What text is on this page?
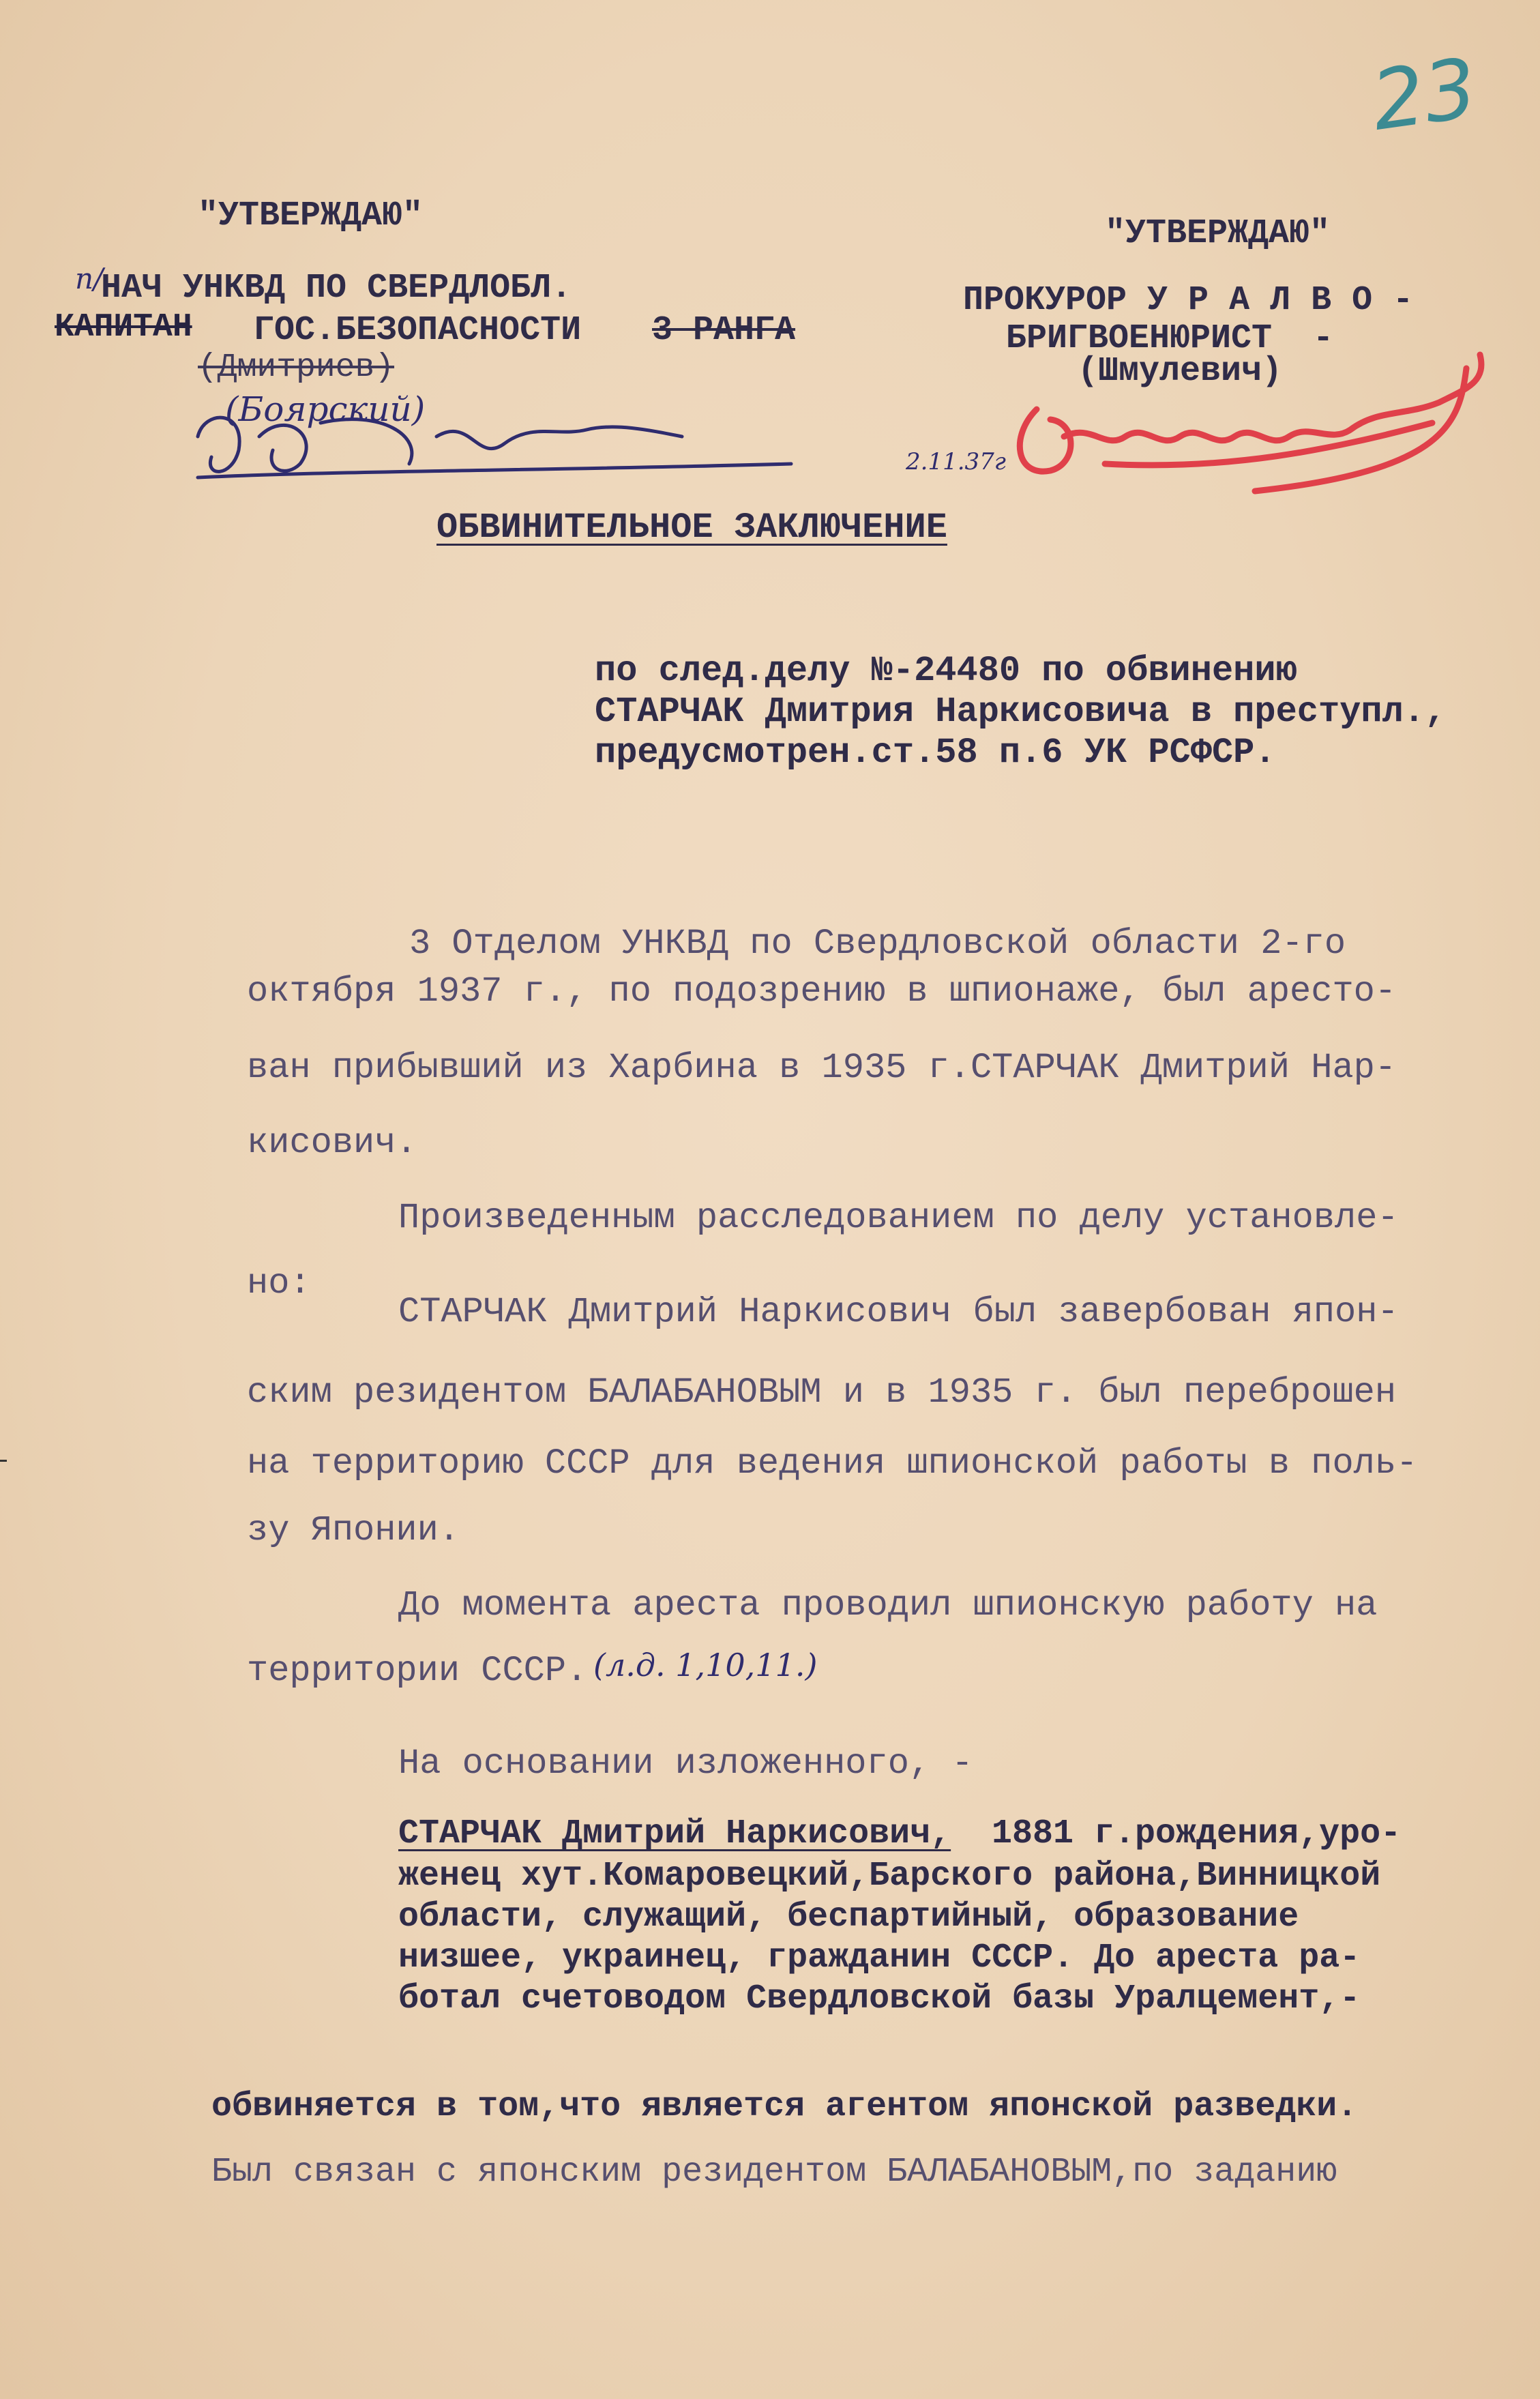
23
"УТВЕРЖДАЮ"
п/
НАЧ УНКВД ПО СВЕРДЛОБЛ.
КАПИТАН ГОС.БЕЗОПАСНОСТИ 3 РАНГА
(Дмитриев)
(Боярский)
"УТВЕРЖДАЮ"
ПРОКУРОР У Р А Л В О -
БРИГВОЕНЮРИСТ  -
(Шмулевич)
2.11.37г
ОБВИНИТЕЛЬНОЕ ЗАКЛЮЧЕНИЕ
по след.делу №-24480 по обвинению
СТАРЧАК Дмитрия Наркисовича в преступл.,
предусмотрен.ст.58 п.6 УК РСФСР.
3 Отделом УНКВД по Свердловской области 2-го
октября 1937 г., по подозрению в шпионаже, был аресто-
ван прибывший из Харбина в 1935 г.СТАРЧАК Дмитрий Нар-
кисович.
Произведенным расследованием по делу установле-
но:
СТАРЧАК Дмитрий Наркисович был завербован япон-
ским резидентом БАЛАБАНОВЫМ и в 1935 г. был переброшен
на территорию СССР для ведения шпионской работы в поль-
зу Японии.
До момента ареста проводил шпионскую работу на
территории СССР. (л.д. 1,10,11.)
На основании изложенного, -
СТАРЧАК Дмитрий Наркисович, 1881 г.рождения,уро-
женец хут.Комаровецкий,Барского района,Винницкой
области, служащий, беспартийный, образование
низшее, украинец, гражданин СССР. До ареста ра-
ботал счетоводом Свердловской базы Уралцемент,-
обвиняется в том,что является агентом японской разведки.
Был связан с японским резидентом БАЛАБАНОВЫМ,по заданию
